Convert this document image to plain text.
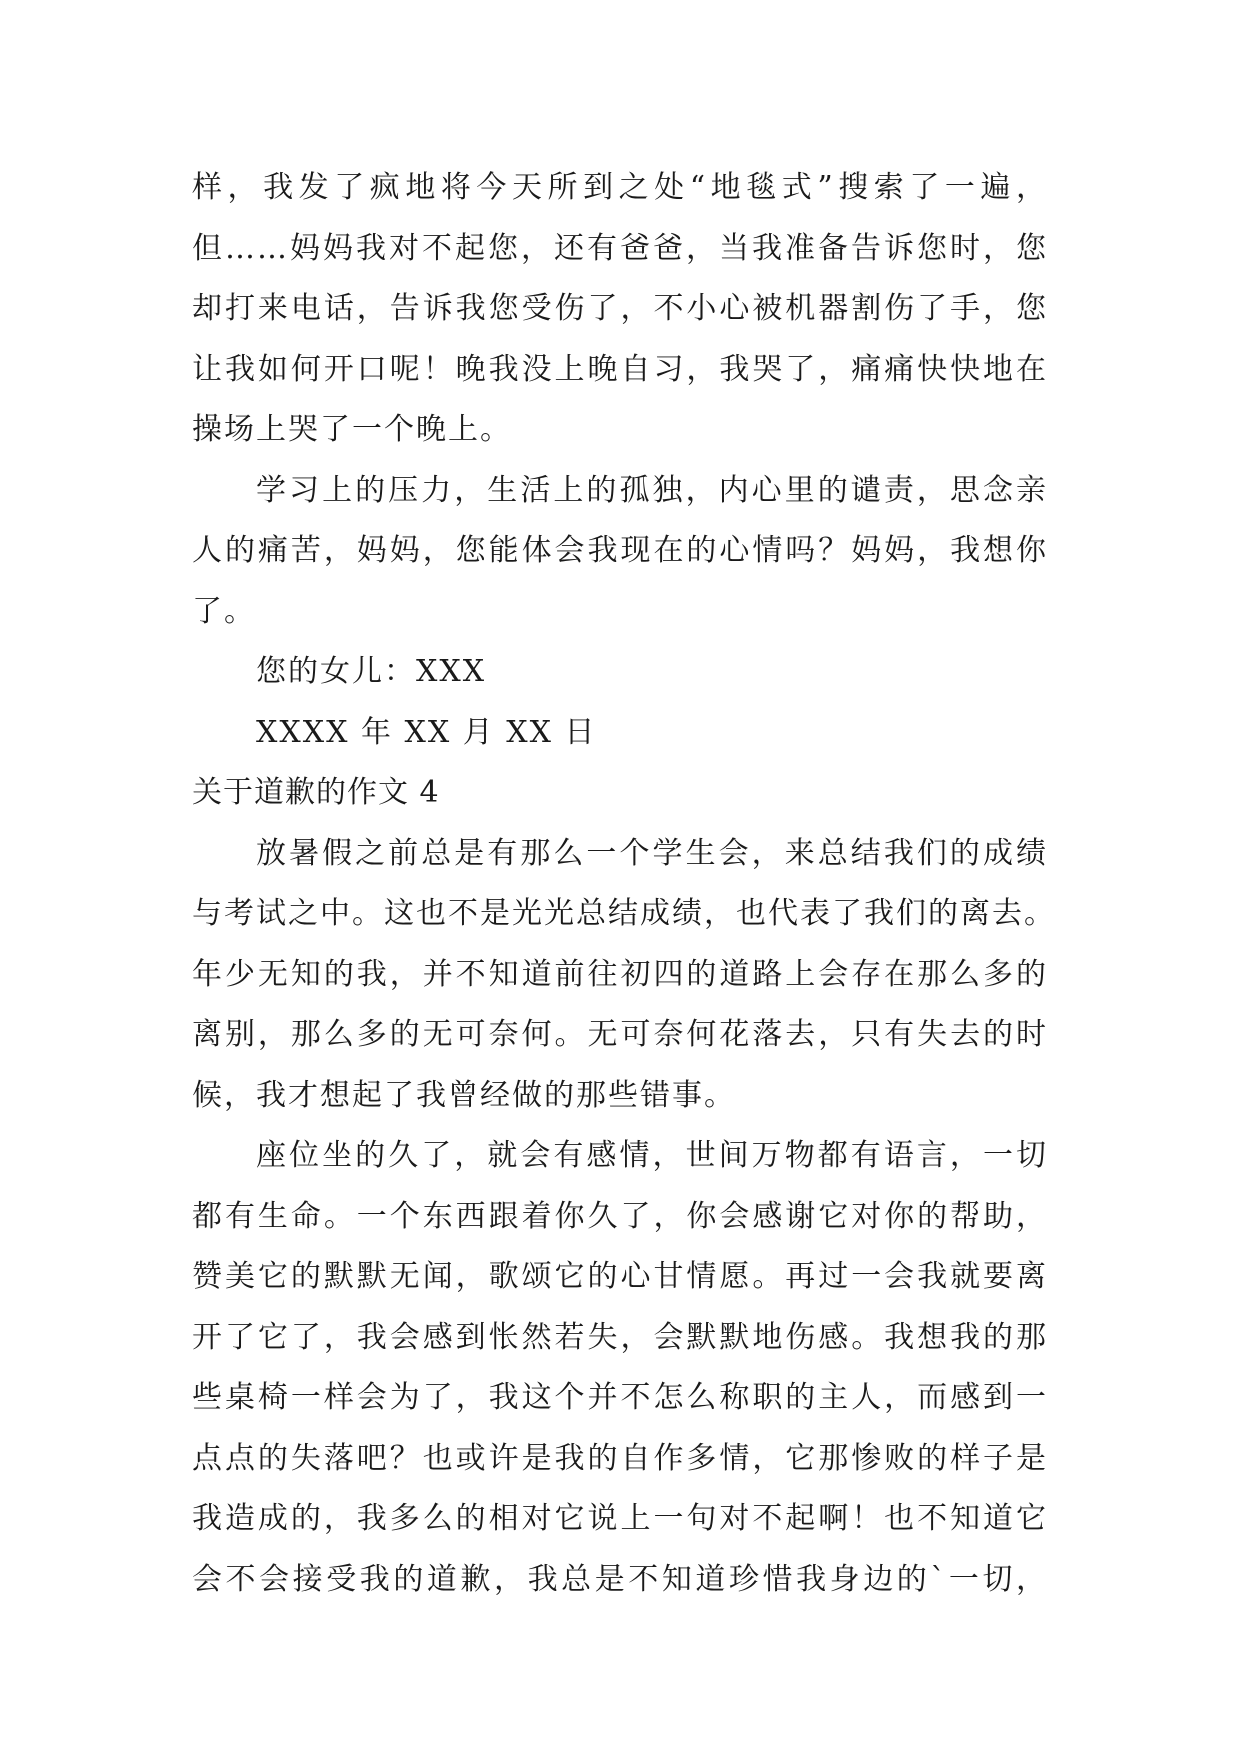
样，我发了疯地将今天所到之处“地毯式”搜索了一遍，
但……妈妈我对不起您，还有爸爸，当我准备告诉您时，您
却打来电话，告诉我您受伤了，不小心被机器割伤了手，您
让我如何开口呢！晚我没上晚自习，我哭了，痛痛快快地在
操场上哭了一个晚上。
学习上的压力，生活上的孤独，内心里的谴责，思念亲
人的痛苦，妈妈，您能体会我现在的心情吗？妈妈，我想你
了。
您的女儿：XXX
XXXX 年 XX 月 XX 日
关于道歉的作文 4
放暑假之前总是有那么一个学生会，来总结我们的成绩
与考试之中。这也不是光光总结成绩，也代表了我们的离去。
年少无知的我，并不知道前往初四的道路上会存在那么多的
离别，那么多的无可奈何。无可奈何花落去，只有失去的时
候，我才想起了我曾经做的那些错事。
座位坐的久了，就会有感情，世间万物都有语言，一切
都有生命。一个东西跟着你久了，你会感谢它对你的帮助，
赞美它的默默无闻，歌颂它的心甘情愿。再过一会我就要离
开了它了，我会感到怅然若失，会默默地伤感。我想我的那
些桌椅一样会为了，我这个并不怎么称职的主人，而感到一
点点的失落吧？也或许是我的自作多情，它那惨败的样子是
我造成的，我多么的相对它说上一句对不起啊！也不知道它
会不会接受我的道歉，我总是不知道珍惜我身边的`一切，
